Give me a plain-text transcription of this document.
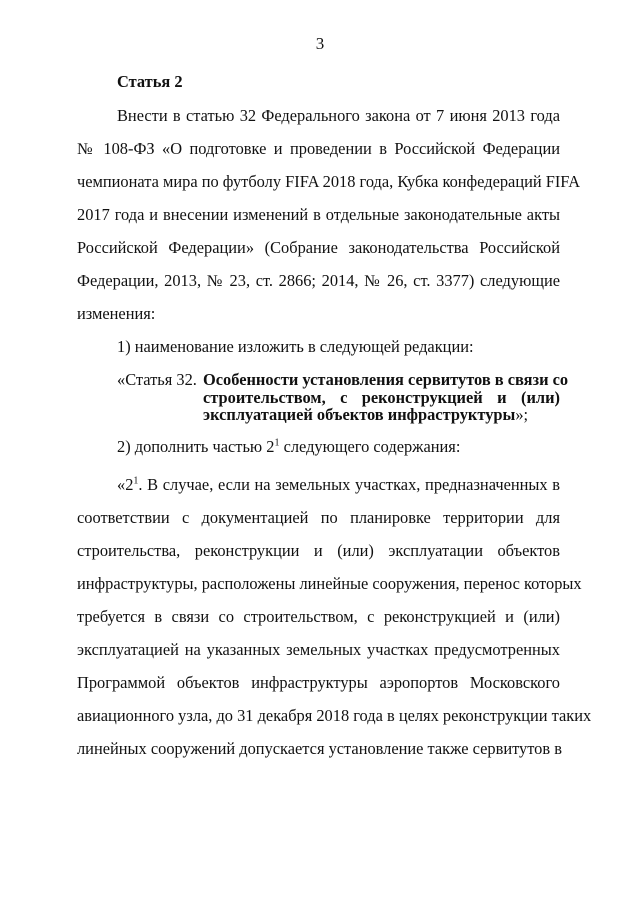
3
Статья 2
Внести в статью 32 Федерального закона от 7 июня 2013 года
№ 108-ФЗ «О подготовке и проведении в Российской Федерации
чемпионата мира по футболу FIFA 2018 года, Кубка конфедераций FIFA
2017 года и внесении изменений в отдельные законодательные акты
Российской Федерации» (Собрание законодательства Российской
Федерации, 2013, № 23, ст. 2866; 2014, № 26, ст. 3377) следующие
изменения:
1) наименование изложить в следующей редакции:
«Статья 32. Особенности установления сервитутов в связи со
строительством, с реконструкцией и (или)
эксплуатацией объектов инфраструктуры»;
2) дополнить частью $2^1$ следующего содержания:
«$2^1$. В случае, если на земельных участках, предназначенных в
соответствии с документацией по планировке территории для
строительства, реконструкции и (или) эксплуатации объектов
инфраструктуры, расположены линейные сооружения, перенос которых
требуется в связи со строительством, с реконструкцией и (или)
эксплуатацией на указанных земельных участках предусмотренных
Программой объектов инфраструктуры аэропортов Московского
авиационного узла, до 31 декабря 2018 года в целях реконструкции таких
линейных сооружений допускается установление также сервитутов в
